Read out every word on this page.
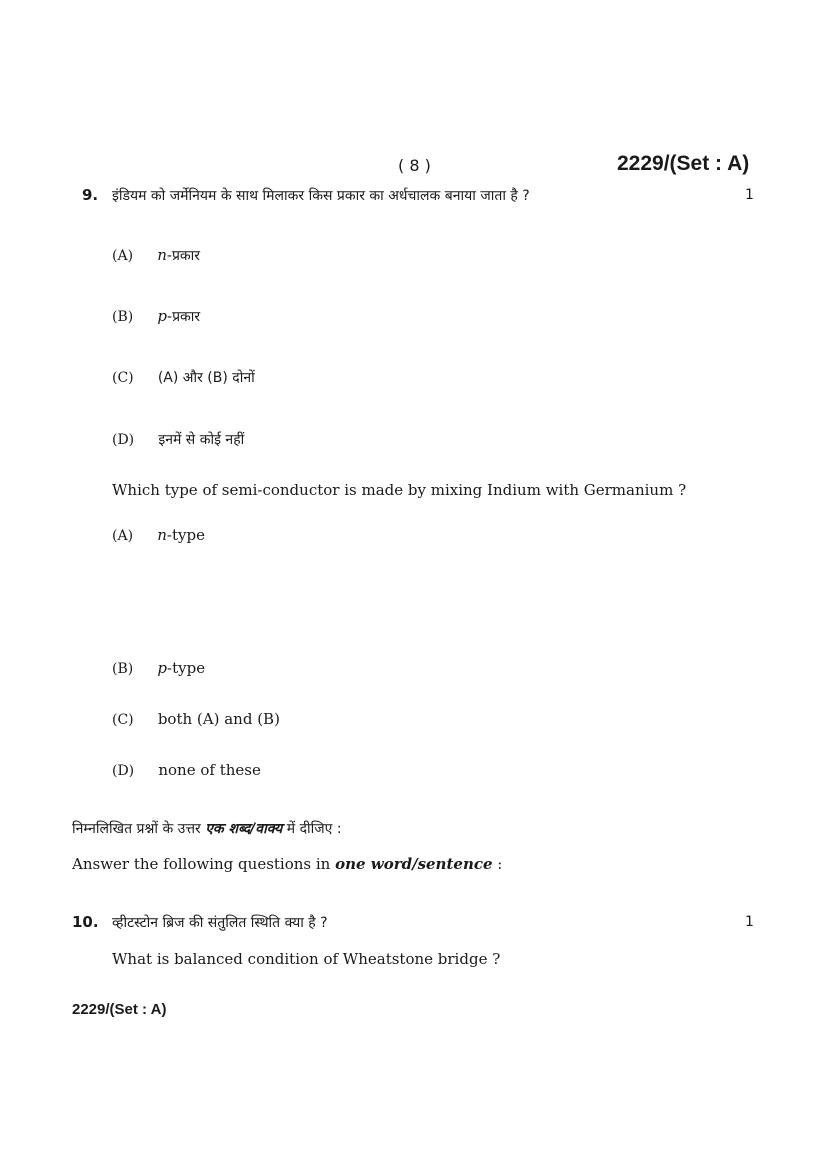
( 8 )	2229/(Set : A)
9. इंडियम को जर्मेनियम के साथ मिलाकर किस प्रकार का अर्धचालक बनाया जाता है ?	1
(A) n-प्रकार
(B) p-प्रकार
(C) (A) और (B) दोनों
(D) इनमें से कोई नहीं
Which type of semi-conductor is made by mixing Indium with Germanium ?
(A) n-type
(B) p-type
(C) both (A) and (B)
(D) none of these
निम्नलिखित प्रश्नों के उत्तर एक शब्द/वाक्य में दीजिए :
Answer the following questions in one word/sentence :
10. व्हीटस्टोन ब्रिज की संतुलित स्थिति क्या है ?	1
What is balanced condition of Wheatstone bridge ?
2229/(Set : A)
